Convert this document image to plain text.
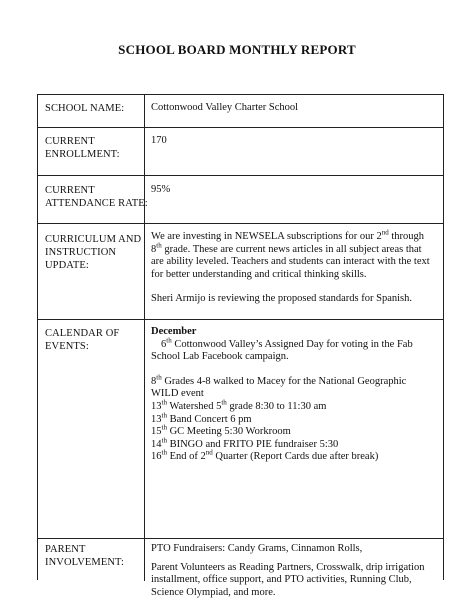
SCHOOL BOARD MONTHLY REPORT
SCHOOL NAME:	Cottonwood Valley Charter School
CURRENT
ENROLLMENT:
170
CURRENT
ATTENDANCE RATE:
95%
CURRICULUM AND
INSTRUCTION
UPDATE:

We are investing in NEWSELA subscriptions for our 2nd through 8th grade. These are current news articles in all subject areas that are ability leveled. Teachers and students can interact with the text for better understanding and critical thinking skills.

Sheri Armijo is reviewing the proposed standards for Spanish.

CALENDAR OF
EVENTS:

December

6th Cottonwood Valley’s Assigned Day for voting in the Fab School Lab Facebook campaign.

8th Grades 4-8 walked to Macey for the National Geographic WILD event

13th Watershed 5th grade 8:30 to 11:30 am

13th Band Concert 6 pm

15th GC Meeting 5:30 Workroom

14th BINGO and FRITO PIE fundraiser 5:30

16th End of 2nd Quarter (Report Cards due after break)

PARENT
INVOLVEMENT:

PTO Fundraisers: Candy Grams, Cinnamon Rolls,

Parent Volunteers as Reading Partners, Crosswalk, drip irrigation installment, office support, and PTO activities, Running Club, Science Olympiad, and more.
